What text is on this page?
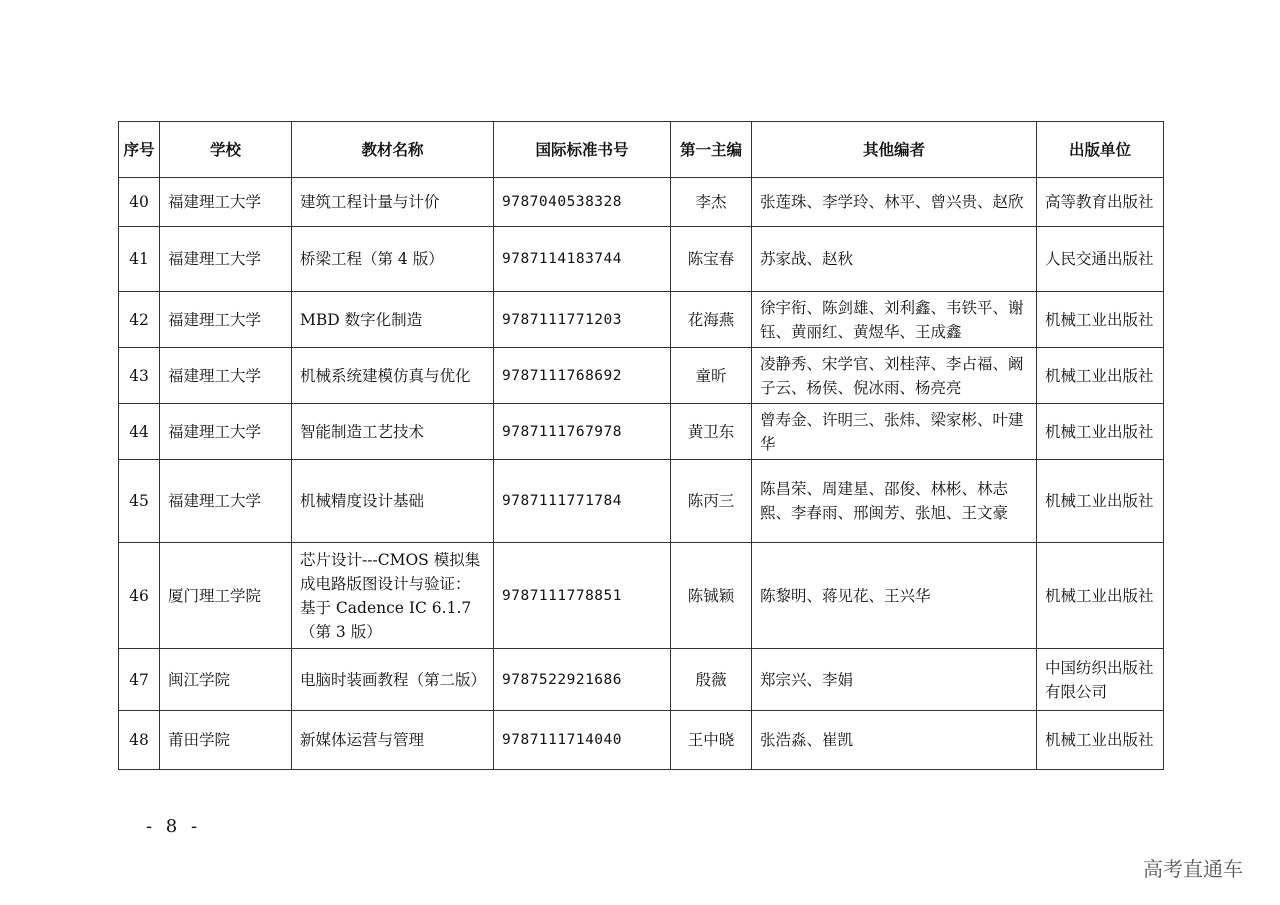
序号	学校	教材名称	国际标准书号	第一主编	其他编者	出版单位
40	福建理工大学	建筑工程计量与计价	9787040538328	李杰	张莲珠、李学玲、林平、曾兴贵、赵欣	高等教育出版社
41	福建理工大学	桥梁工程（第 4 版）	9787114183744	陈宝春	苏家战、赵秋	人民交通出版社
42	福建理工大学	MBD 数字化制造	9787111771203	花海燕	徐宇衔、陈剑雄、刘利鑫、韦铁平、谢钰、黄丽红、黄煜华、王成鑫	机械工业出版社
43	福建理工大学	机械系统建模仿真与优化	9787111768692	童昕	凌静秀、宋学官、刘桂萍、李占福、阚子云、杨侯、倪冰雨、杨亮亮	机械工业出版社
44	福建理工大学	智能制造工艺技术	9787111767978	黄卫东	曾寿金、许明三、张炜、梁家彬、叶建华	机械工业出版社
45	福建理工大学	机械精度设计基础	9787111771784	陈丙三	陈昌荣、周建星、邵俊、林彬、林志熙、李春雨、邢闽芳、张旭、王文豪	机械工业出版社
46	厦门理工学院	芯片设计---CMOS 模拟集成电路版图设计与验证：基于 Cadence IC 6.1.7（第 3 版）	9787111778851	陈铖颖	陈黎明、蒋见花、王兴华	机械工业出版社
47	闽江学院	电脑时装画教程（第二版）	9787522921686	殷薇	郑宗兴、李娟	中国纺织出版社有限公司
48	莆田学院	新媒体运营与管理	9787111714040	王中晓	张浩淼、崔凯	机械工业出版社
- 8 -
高考直通车
